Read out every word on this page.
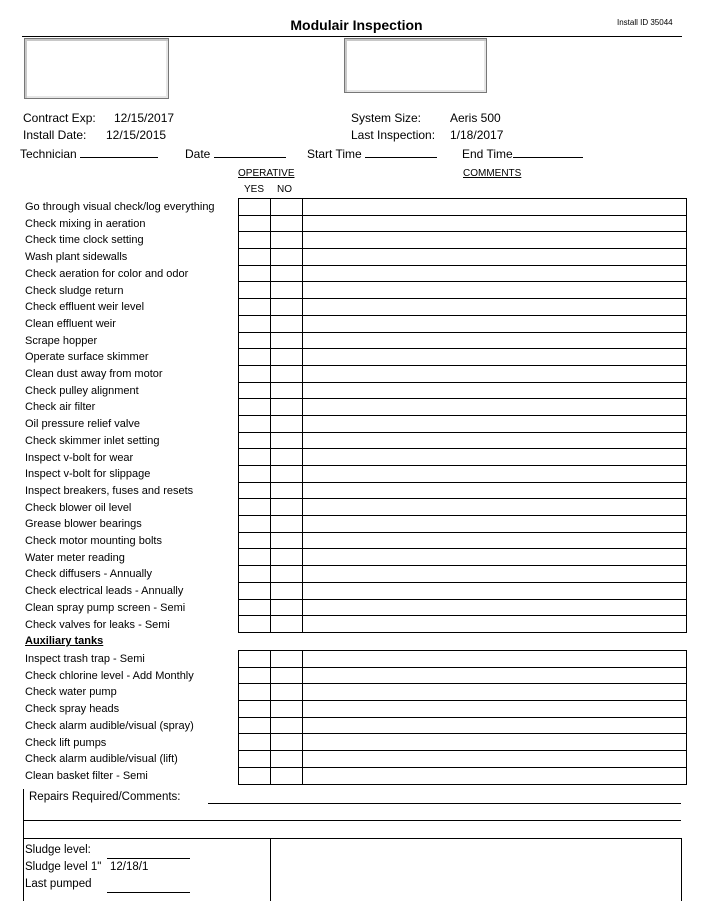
Modulair Inspection	Install ID 35044
Contract Exp: 12/15/2017
Install Date: 12/15/2015
System Size: Aeris 500
Last Inspection: 1/18/2017
Technician	Date	Start Time	End Time
OPERATIVE
YES NO
COMMENTS
Go through visual check/log everything
Check mixing in aeration
Check time clock setting
Wash plant sidewalls
Check aeration for color and odor
Check sludge return
Check effluent weir level
Clean effluent weir
Scrape hopper
Operate surface skimmer
Clean dust away from motor
Check pulley alignment
Check air filter
Oil pressure relief valve
Check skimmer inlet setting
Inspect v-bolt for wear
Inspect v-bolt for slippage
Inspect breakers, fuses and resets
Check blower oil level
Grease blower bearings
Check motor mounting bolts
Water meter reading
Check diffusers - Annually
Check electrical leads - Annually
Clean spray pump screen - Semi
Check valves for leaks - Semi

Auxiliary tanks
Inspect trash trap - Semi
Check chlorine level - Add Monthly
Check water pump
Check spray heads
Check alarm audible/visual (spray)
Check lift pumps
Check alarm audible/visual (lift)
Clean basket filter - Semi

Repairs Required/Comments:
Sludge level:
Sludge level 1" 12/18/1
Last pumped
